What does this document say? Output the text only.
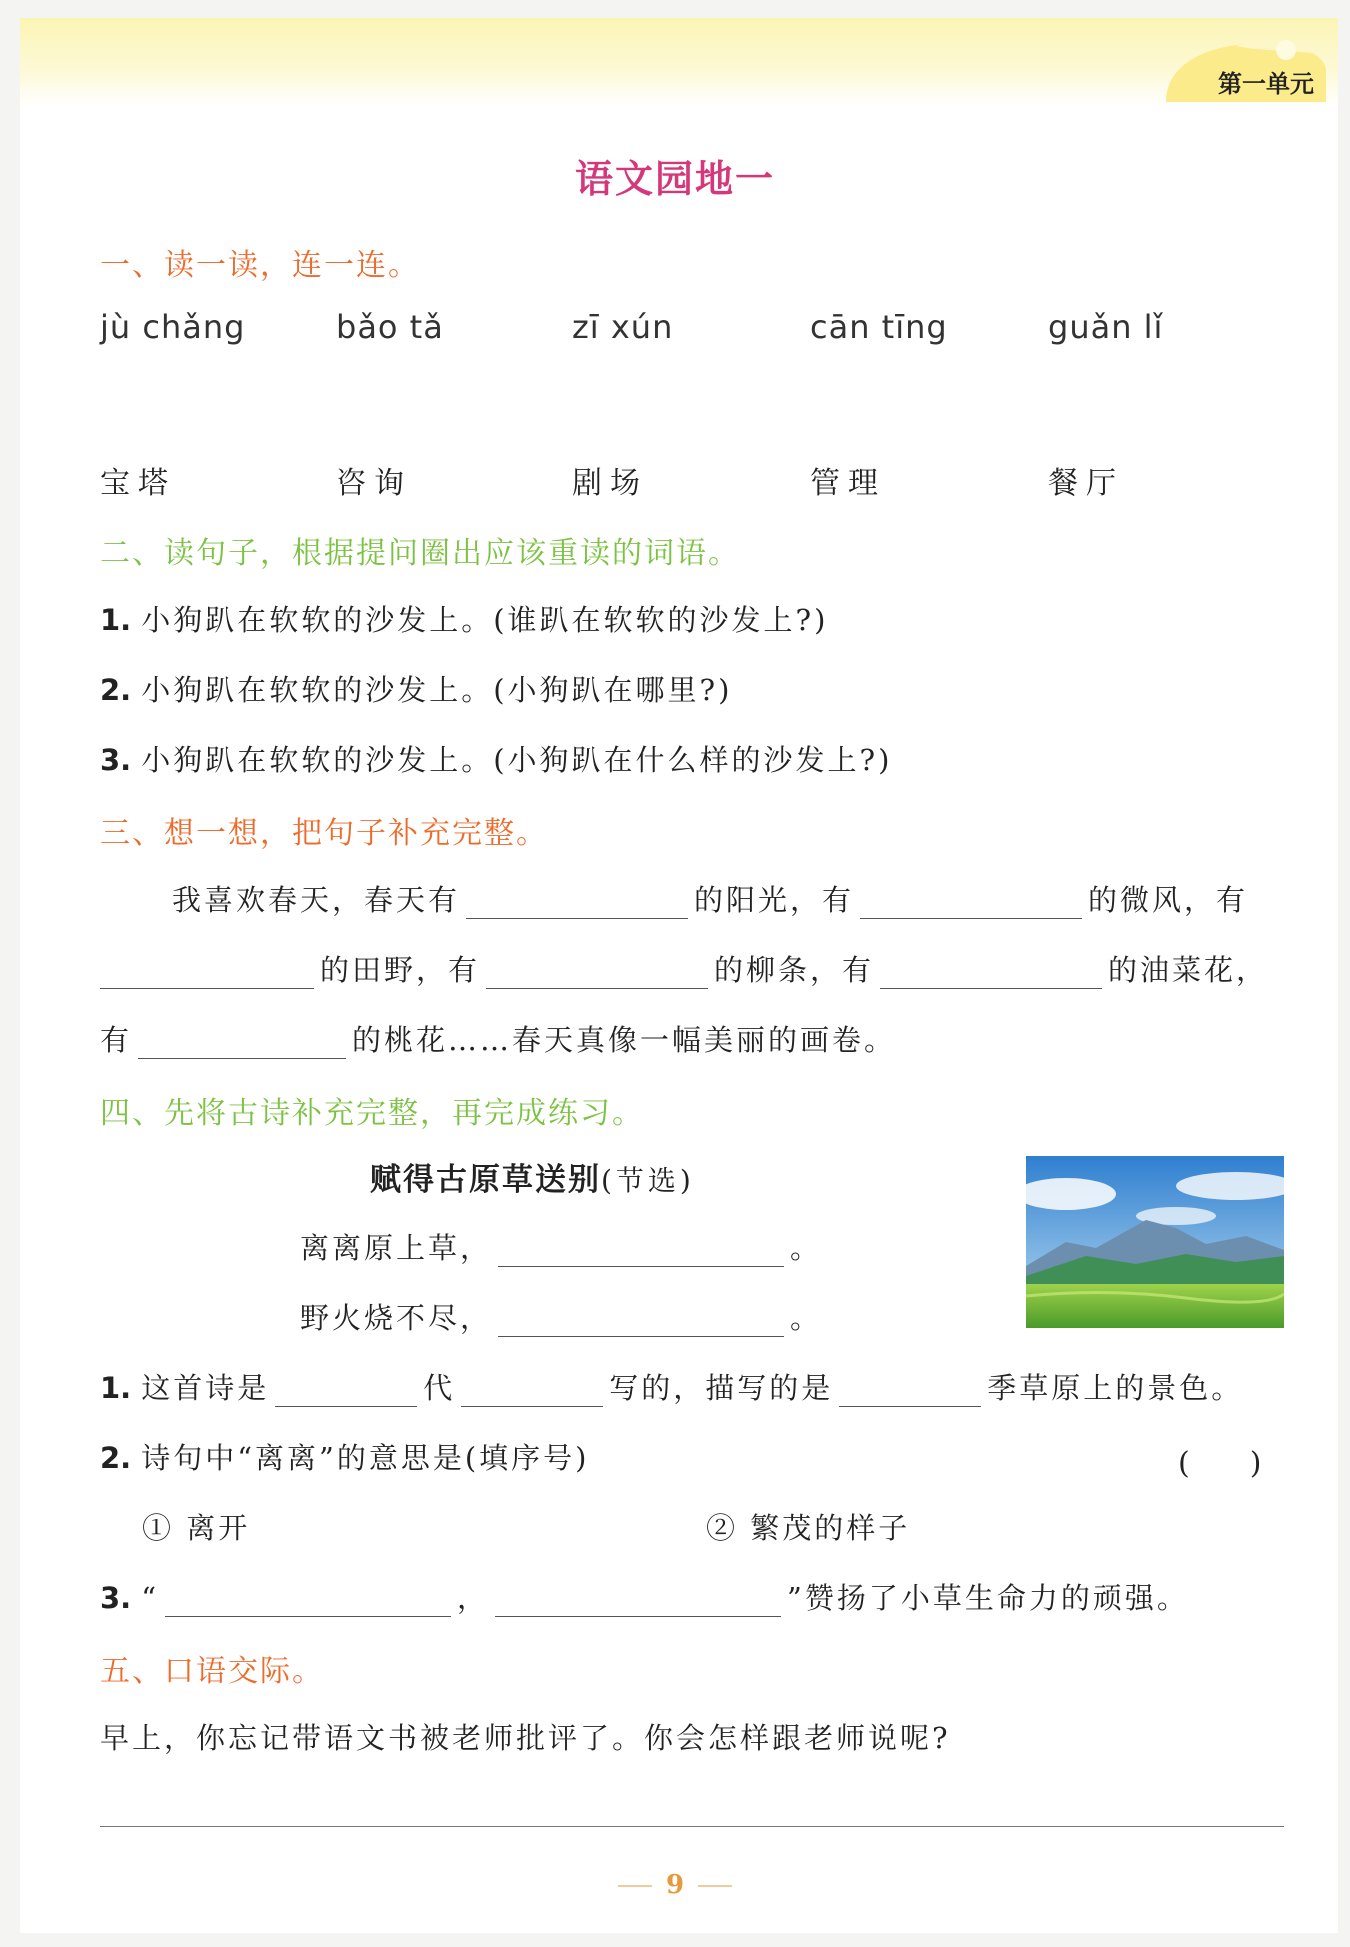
第一单元
语文园地一
一、读一读，连一连。
jù chǎng	bǎo tǎ	zī xún	cān tīng	guǎn lǐ
宝塔	咨询	剧场	管理	餐厅
二、读句子，根据提问圈出应该重读的词语。
1. 小狗趴在软软的沙发上。(谁趴在软软的沙发上?)
2. 小狗趴在软软的沙发上。(小狗趴在哪里?)
3. 小狗趴在软软的沙发上。(小狗趴在什么样的沙发上?)
三、想一想，把句子补充完整。
我喜欢春天，春天有	的阳光，有	的微风，有
的田野，有	的柳条，有	的油菜花，
有	的桃花……春天真像一幅美丽的画卷。
四、先将古诗补充完整，再完成练习。
赋得古原草送别(节选)
离离原上草，	。
野火烧不尽，	。
1. 这首诗是	代	写的，描写的是	季草原上的景色。
2. 诗句中“离离”的意思是(填序号)	(　　)
① 离开	② 繁茂的样子
3. “	，	”赞扬了小草生命力的顽强。
五、口语交际。
早上，你忘记带语文书被老师批评了。你会怎样跟老师说呢?
9
